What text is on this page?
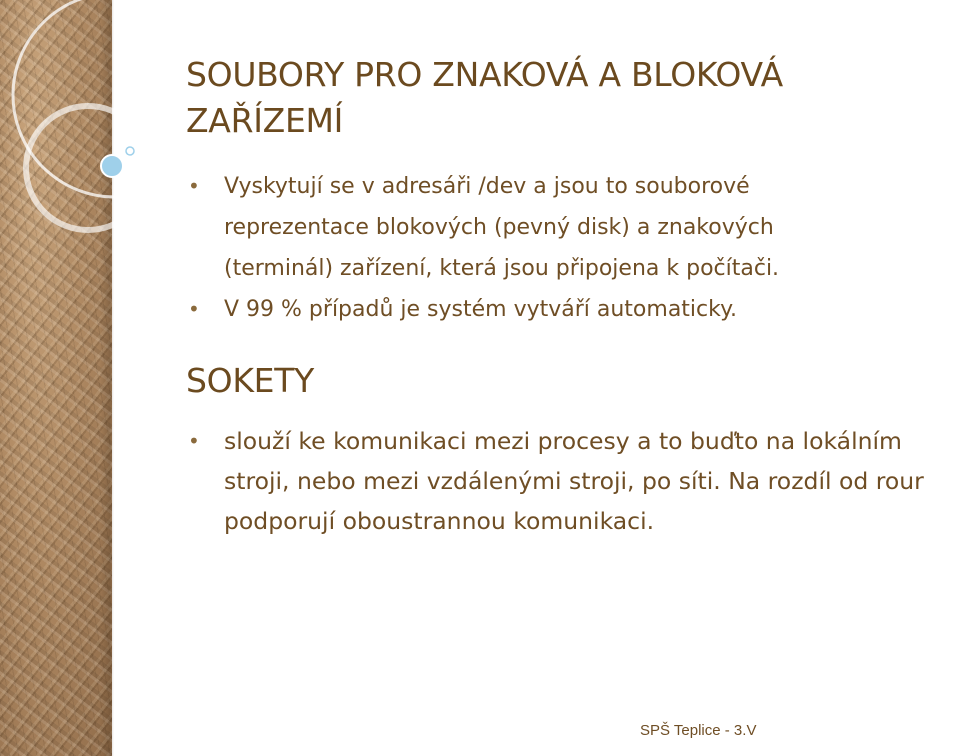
SOUBORY PRO ZNAKOVÁ A BLOKOVÁ ZAŘÍZEMÍ
• Vyskytují se v adresáři /dev a jsou to souborové reprezentace blokových (pevný disk) a znakových (terminál) zařízení, která jsou připojena k počítači.
• V 99 % případů je systém vytváří automaticky.
SOKETY
• slouží ke komunikaci mezi procesy a to buďto na lokálním stroji, nebo mezi vzdálenými stroji, po síti. Na rozdíl od rour podporují oboustrannou komunikaci.
SPŠ Teplice - 3.V
